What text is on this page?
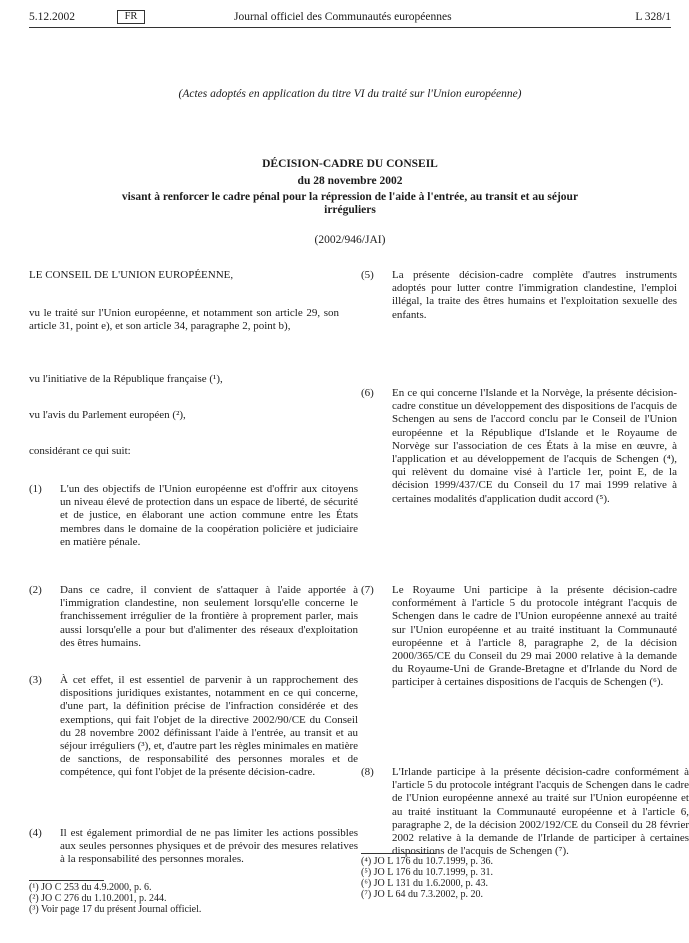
5.12.2002	FR	Journal officiel des Communautés européennes	L 328/1
(Actes adoptés en application du titre VI du traité sur l'Union européenne)
DÉCISION-CADRE DU CONSEIL
du 28 novembre 2002
visant à renforcer le cadre pénal pour la répression de l'aide à l'entrée, au transit et au séjour
irréguliers
(2002/946/JAI)
LE CONSEIL DE L'UNION EUROPÉENNE,
vu le traité sur l'Union européenne, et notamment son article 29, son article 31, point e), et son article 34, paragraphe 2, point b),
vu l'initiative de la République française (¹),
vu l'avis du Parlement européen (²),
considérant ce qui suit:
(1)	L'un des objectifs de l'Union européenne est d'offrir aux citoyens un niveau élevé de protection dans un espace de liberté, de sécurité et de justice, en élaborant une action commune entre les États membres dans le domaine de la coopération policière et judiciaire en matière pénale.
(2)	Dans ce cadre, il convient de s'attaquer à l'aide apportée à l'immigration clandestine, non seulement lorsqu'elle concerne le franchissement irrégulier de la frontière à proprement parler, mais aussi lorsqu'elle a pour but d'alimenter des réseaux d'exploitation des êtres humains.
(3)	À cet effet, il est essentiel de parvenir à un rapprochement des dispositions juridiques existantes, notamment en ce qui concerne, d'une part, la définition précise de l'infraction considérée et des exemptions, qui fait l'objet de la directive 2002/90/CE du Conseil du 28 novembre 2002 définissant l'aide à l'entrée, au transit et au séjour irréguliers (³), et, d'autre part les règles minimales en matière de sanctions, de responsabilité des personnes morales et de compétence, qui font l'objet de la présente décision-cadre.
(4)	Il est également primordial de ne pas limiter les actions possibles aux seules personnes physiques et de prévoir des mesures relatives à la responsabilité des personnes morales.
(¹) JO C 253 du 4.9.2000, p. 6.
(²) JO C 276 du 1.10.2001, p. 244.
(³) Voir page 17 du présent Journal officiel.
(5)	La présente décision-cadre complète d'autres instruments adoptés pour lutter contre l'immigration clandestine, l'emploi illégal, la traite des êtres humains et l'exploitation sexuelle des enfants.
(6)	En ce qui concerne l'Islande et la Norvège, la présente décision-cadre constitue un développement des dispositions de l'acquis de Schengen au sens de l'accord conclu par le Conseil de l'Union européenne et la République d'Islande et le Royaume de Norvège sur l'association de ces États à la mise en œuvre, à l'application et au développement de l'acquis de Schengen (⁴), qui relèvent du domaine visé à l'article 1er, point E, de la décision 1999/437/CE du Conseil du 17 mai 1999 relative à certaines modalités d'application dudit accord (⁵).
(7)	Le Royaume Uni participe à la présente décision-cadre conformément à l'article 5 du protocole intégrant l'acquis de Schengen dans le cadre de l'Union européenne annexé au traité sur l'Union européenne et au traité instituant la Communauté européenne et à l'article 8, paragraphe 2, de la décision 2000/365/CE du Conseil du 29 mai 2000 relative à la demande du Royaume-Uni de Grande-Bretagne et d'Irlande du Nord de participer à certaines dispositions de l'acquis de Schengen (⁶).
(8)	L'Irlande participe à la présente décision-cadre conformément à l'article 5 du protocole intégrant l'acquis de Schengen dans le cadre de l'Union européenne annexé au traité sur l'Union européenne et au traité instituant la Communauté européenne et à l'article 6, paragraphe 2, de la décision 2002/192/CE du Conseil du 28 février 2002 relative à la demande de l'Irlande de participer à certaines dispositions de l'acquis de Schengen (⁷).
(⁴) JO L 176 du 10.7.1999, p. 36.
(⁵) JO L 176 du 10.7.1999, p. 31.
(⁶) JO L 131 du 1.6.2000, p. 43.
(⁷) JO L 64 du 7.3.2002, p. 20.
